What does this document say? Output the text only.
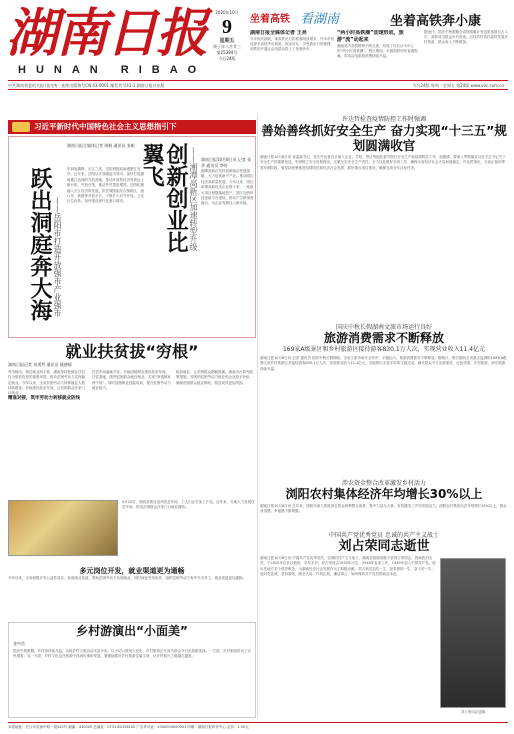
湖南日报
HUNAN RIBAO
中共湖南省委机关报 国内统一连续出版物号CN 43-0001 邮发代号41-1 湖南日报社出版	今日24版 每周一至周五 第24版 www.voc.com.cn
2020年10月
9
星期五
庚子年八月廿三
第25384号
今日24版
坐着高铁 看湖南	坐着高铁奔小康
湖南日报全媒体记者 王亮
今年国庆期间，乘高铁出行的旅客明显增多，许多市民选择坐高铁外出旅游、探亲访友，享受着出行的便捷。高铁的开通让沿线群众搭上了发展快车。
“两小时高铁圈”加速形成，旅游“流”动起来
湖南省内高铁路网不断完善，形成了以长沙为中心的“两小时高铁圈”。假日期间，多趟高铁列车客流饱满，带动沿线旅游消费持续升温。
据统计，国庆中秋假期全省铁路累计发送旅客数百万人次，高铁成为群众出行首选。沿线乡村依托高铁发展乡村旅游，群众收入不断增加。
习近平新时代中国特色社会主义思想指引下
跃出洞庭奔大海 ——岳阳市打造开放强市产业强市
湖南日报全媒体记者 周帆 通讯员 张帆
东洞庭湖畔，长江之滨，岳阳城陵矶新港繁忙有序。近年来，岳阳以开放崛起为导向，加快打造湖南通江达海的开放高地，推动开放型经济发展迈上新台阶。开放引领，推动外贸提质增效。岳阳积极融入长江经济带发展，依托城陵矶综合保税区、港口岸、铁路等开放平台，不断扩大对外开放。立足区位优势，加快建设现代化港口城市。	创新创业比翼飞	——湘潭高新区加速转型升级 湖南日报10月8日讯 记者 张华 通讯员 李明
湘潭高新区坚持创新驱动发展战略，大力培育新兴产业，推动园区经济高质量发展。今年以来，园区新增高新技术企业数十家，一批重大项目相继落地投产。园区加快科技创新平台建设，推动产学研深度融合，为企业发展注入新动能。
许达哲检查疫情防控工作时强调
善始善终抓好安全生产 奋力实现“十三五”规划圆满收官
湖南日报10月8日讯 省委副书记、省长许达哲近日深入企业、学校、景区等地检查节假日安全生产和疫情防控工作。他强调，要深入贯彻落实习近平总书记关于安全生产的重要论述，牢固树立安全发展理念，压紧压实安全生产责任，全力以赴做好各项工作，确保全省经济社会大局和谐稳定。许达哲指出，当前正值四季度冲刺阶段，要坚持统筹推进疫情防控和经济社会发展，抓好重点项目建设，确保完成全年目标任务。
国庆中秋长假湖南文旅市场运行良好
旅游消费需求不断释放
169家A级景区和乡村旅游区接待游客830.1万人次，实现营业收入11.4亿元
湖南日报10月8日讯 记者 通讯员 国庆中秋长假期间，全省文旅市场安全有序、平稳运行，旅游消费需求不断释放。据统计，假日期间全省重点监测的169家A级景区和乡村旅游区共接待游客830.1万人次，实现营业收入11.4亿元。各地推出丰富多彩的文旅活动，满足群众节日出游需求，红色旅游、乡村旅游、研学旅游持续升温。
涉农资金整合改革激发乡村活力
浏阳农村集体经济年均增长30%以上
湖南日报10月8日讯 近年来，浏阳市深入推进涉农资金统筹整合改革，集中力量办大事，有效激发了乡村发展活力。浏阳农村集体经济年均增长30%以上，群众获得感、幸福感不断增强。
中国共产党优秀党员 忠诚的共产主义战士
刘占荣同志逝世
湖南日报10月8日讯 中国共产党优秀党员，忠诚的共产主义战士，湖南省原副省级干部刘占荣同志，因病医治无效，于2020年在长沙逝世，享年多岁。刘占荣同志1930年出生，1948年参加工作，1949年加入中国共产党。他历任地方多个领导职务，为湖南经济社会发展作出了积极贡献。刘占荣同志的一生，是革命的一生、奋斗的一生，他对党忠诚，坚持原则，顾全大局，作风正派，廉洁奉公，始终保持共产党员的政治本色。
刘占荣同志遗像
就业扶贫拔“穷根”
湖南日报记者 刘勇然 通讯员 姚德郁
劳务输出、就近就业两手抓，湖南坚持把就业扶贫作为脱贫攻坚的重要举措，推动贫困劳动力实现稳定就业。今年以来，全省贫困劳动力转移就业人数持续增加。各地建设扶贫车间，让贫困群众在家门口就业。
精准对接，筑牢劳动力转移就业防线
扶贫车间遍地开花。各地因地制宜建设扶贫车间、扶贫基地，吸纳贫困群众就近就业，实现“挣钱顾家两不误”。同时加强职业技能培训，提升贫困劳动力就业能力。
稳岗就业，让贫困群众端稳饭碗。湖南出台系列政策措施，对吸纳贫困劳动力就业的企业给予补贴，确保贫困群众稳定增收，脱贫成效更加巩固。
9月20日，湘西苗族自治州扶贫车间，工人们正在加工产品。近年来，当地大力发展扶贫车间，带动贫困群众在家门口就业增收。
多元岗位开发，就业渠道更为通畅
今年以来，全省积极开发公益性岗位，拓宽就业渠道，帮助贫困劳动力实现就业。同时深化劳务协作，组织贫困劳动力有序外出务工，就业渠道更加通畅。
乡村游演出“小面美”
金中浩
国庆中秋假期，乡村游持续升温，各地乡村文旅活动丰富多彩。以小切口展现大变化，乡村旅游正在成为群众节日出游新选择。一方面，乡村旅游带动了农民增收；另一方面，乡村文化也在旅游中得到传承和发展。要继续做好乡村旅游这篇文章，让乡村振兴之路越走越宽。
本报地址：长沙市芙蓉中路一段442号 邮编：410005 总编室：0731-84326100 广告许可证：4300004000001 印刷：湖南日报印务中心 定价：1.50元
